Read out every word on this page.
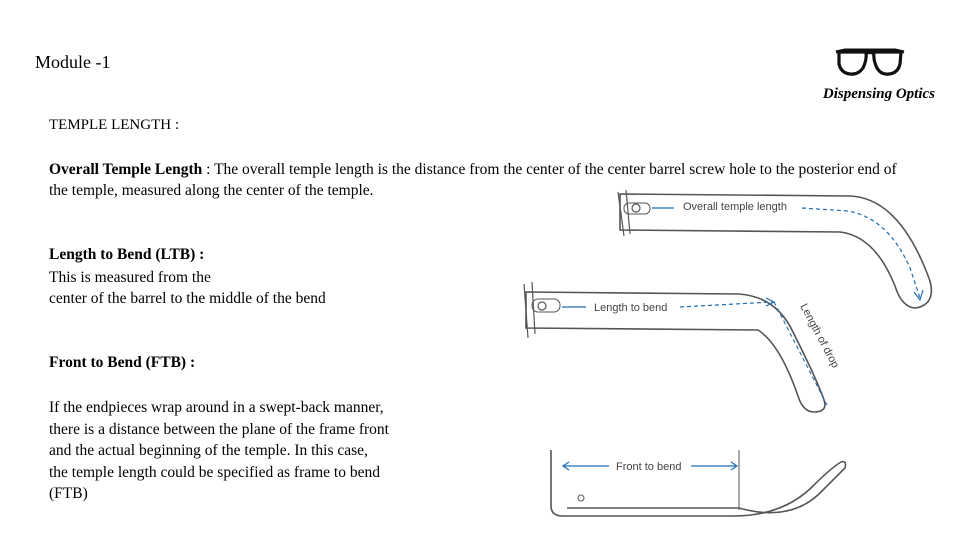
Module -1
Dispensing Optics
TEMPLE LENGTH :
Overall Temple Length : The overall temple length is the distance from the center of the center barrel screw hole to the posterior end of the temple, measured along the center of the temple.
Length to Bend (LTB) :
This is measured from the
center of the barrel to the middle of the bend
Front to Bend (FTB) :
If the endpieces wrap around in a swept-back manner,
there is a distance between the plane of the frame front
and the actual beginning of the temple. In this case,
the temple length could be specified as frame to bend
(FTB)
Overall temple length
Length to bend	Length of drop
Front to bend
